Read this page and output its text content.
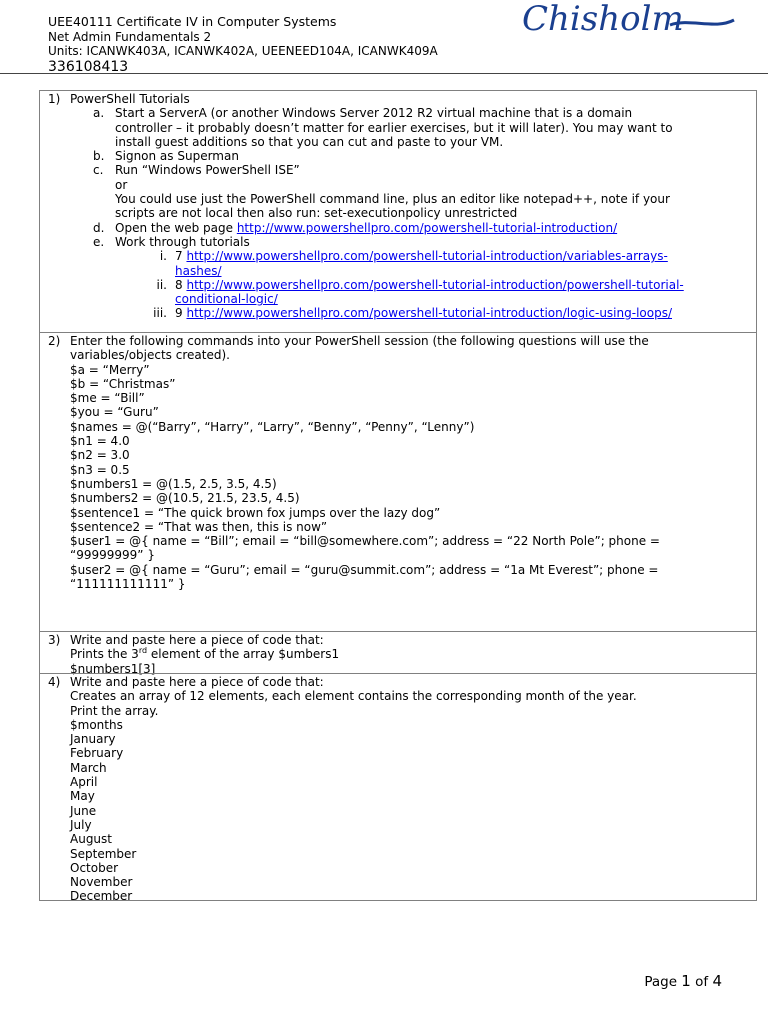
UEE40111 Certificate IV in Computer Systems
Net Admin Fundamentals 2
Units: ICANWK403A, ICANWK402A, UEENEED104A, ICANWK409A
336108413
Chisholm
1) PowerShell Tutorials
a. Start a ServerA (or another Windows Server 2012 R2 virtual machine that is a domain
controller – it probably doesn’t matter for earlier exercises, but it will later). You may want to
install guest additions so that you can cut and paste to your VM.
b. Signon as Superman
c. Run “Windows PowerShell ISE”
or
You could use just the PowerShell command line, plus an editor like notepad++, note if your
scripts are not local then also run: set-executionpolicy unrestricted
d. Open the web page http://www.powershellpro.com/powershell-tutorial-introduction/
e. Work through tutorials
i. 7 http://www.powershellpro.com/powershell-tutorial-introduction/variables-arrays-
hashes/
ii. 8 http://www.powershellpro.com/powershell-tutorial-introduction/powershell-tutorial-
conditional-logic/
iii. 9 http://www.powershellpro.com/powershell-tutorial-introduction/logic-using-loops/
2) Enter the following commands into your PowerShell session (the following questions will use the
variables/objects created).
$a = “Merry”
$b = “Christmas”
$me = “Bill”
$you = “Guru”
$names = @(“Barry”, “Harry”, “Larry”, “Benny”, “Penny”, “Lenny”)
$n1 = 4.0
$n2 = 3.0
$n3 = 0.5
$numbers1 = @(1.5, 2.5, 3.5, 4.5)
$numbers2 = @(10.5, 21.5, 23.5, 4.5)
$sentence1 = “The quick brown fox jumps over the lazy dog”
$sentence2 = “That was then, this is now”
$user1 = @{ name = “Bill”; email = “bill@somewhere.com”; address = “22 North Pole”; phone =
“99999999” }
$user2 = @{ name = “Guru”; email = “guru@summit.com”; address = “1a Mt Everest”; phone =
“111111111111” }
3) Write and paste here a piece of code that:
Prints the 3rd element of the array $umbers1
$numbers1[3]
4) Write and paste here a piece of code that:
Creates an array of 12 elements, each element contains the corresponding month of the year.
Print the array.
$months
January
February
March
April
May
June
July
August
September
October
November
December
Page 1 of 4
